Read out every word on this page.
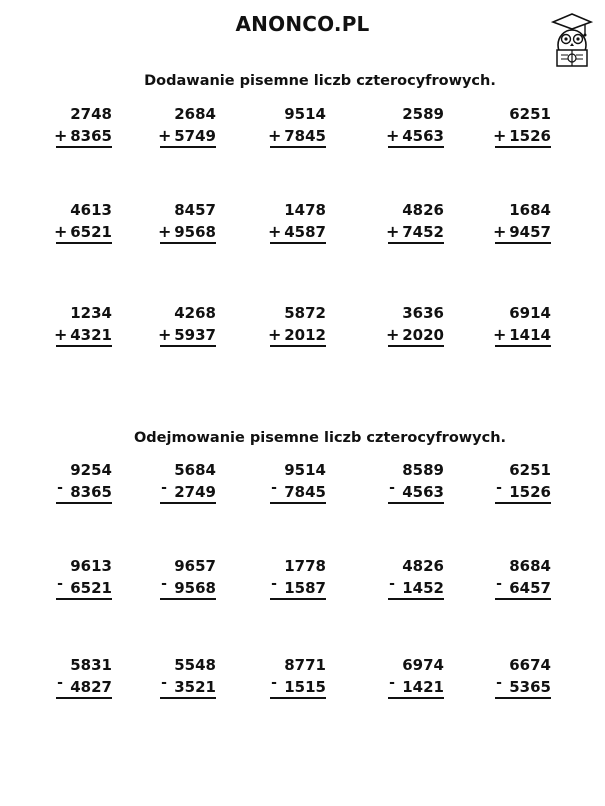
ANONCO.PL
Dodawanie pisemne liczb czterocyfrowych.
Odejmowanie pisemne liczb czterocyfrowych.
2748
+ 8365
2684
+ 5749
9514
+ 7845
2589
+ 4563
6251
+ 1526
4613
+ 6521
8457
+ 9568
1478
+ 4587
4826
+ 7452
1684
+ 9457
1234
+ 4321
4268
+ 5937
5872
+ 2012
3636
+ 2020
6914
+ 1414
9254
- 8365
5684
- 2749
9514
- 7845
8589
- 4563
6251
- 1526
9613
- 6521
9657
- 9568
1778
- 1587
4826
- 1452
8684
- 6457
5831
- 4827
5548
- 3521
8771
- 1515
6974
- 1421
6674
- 5365
